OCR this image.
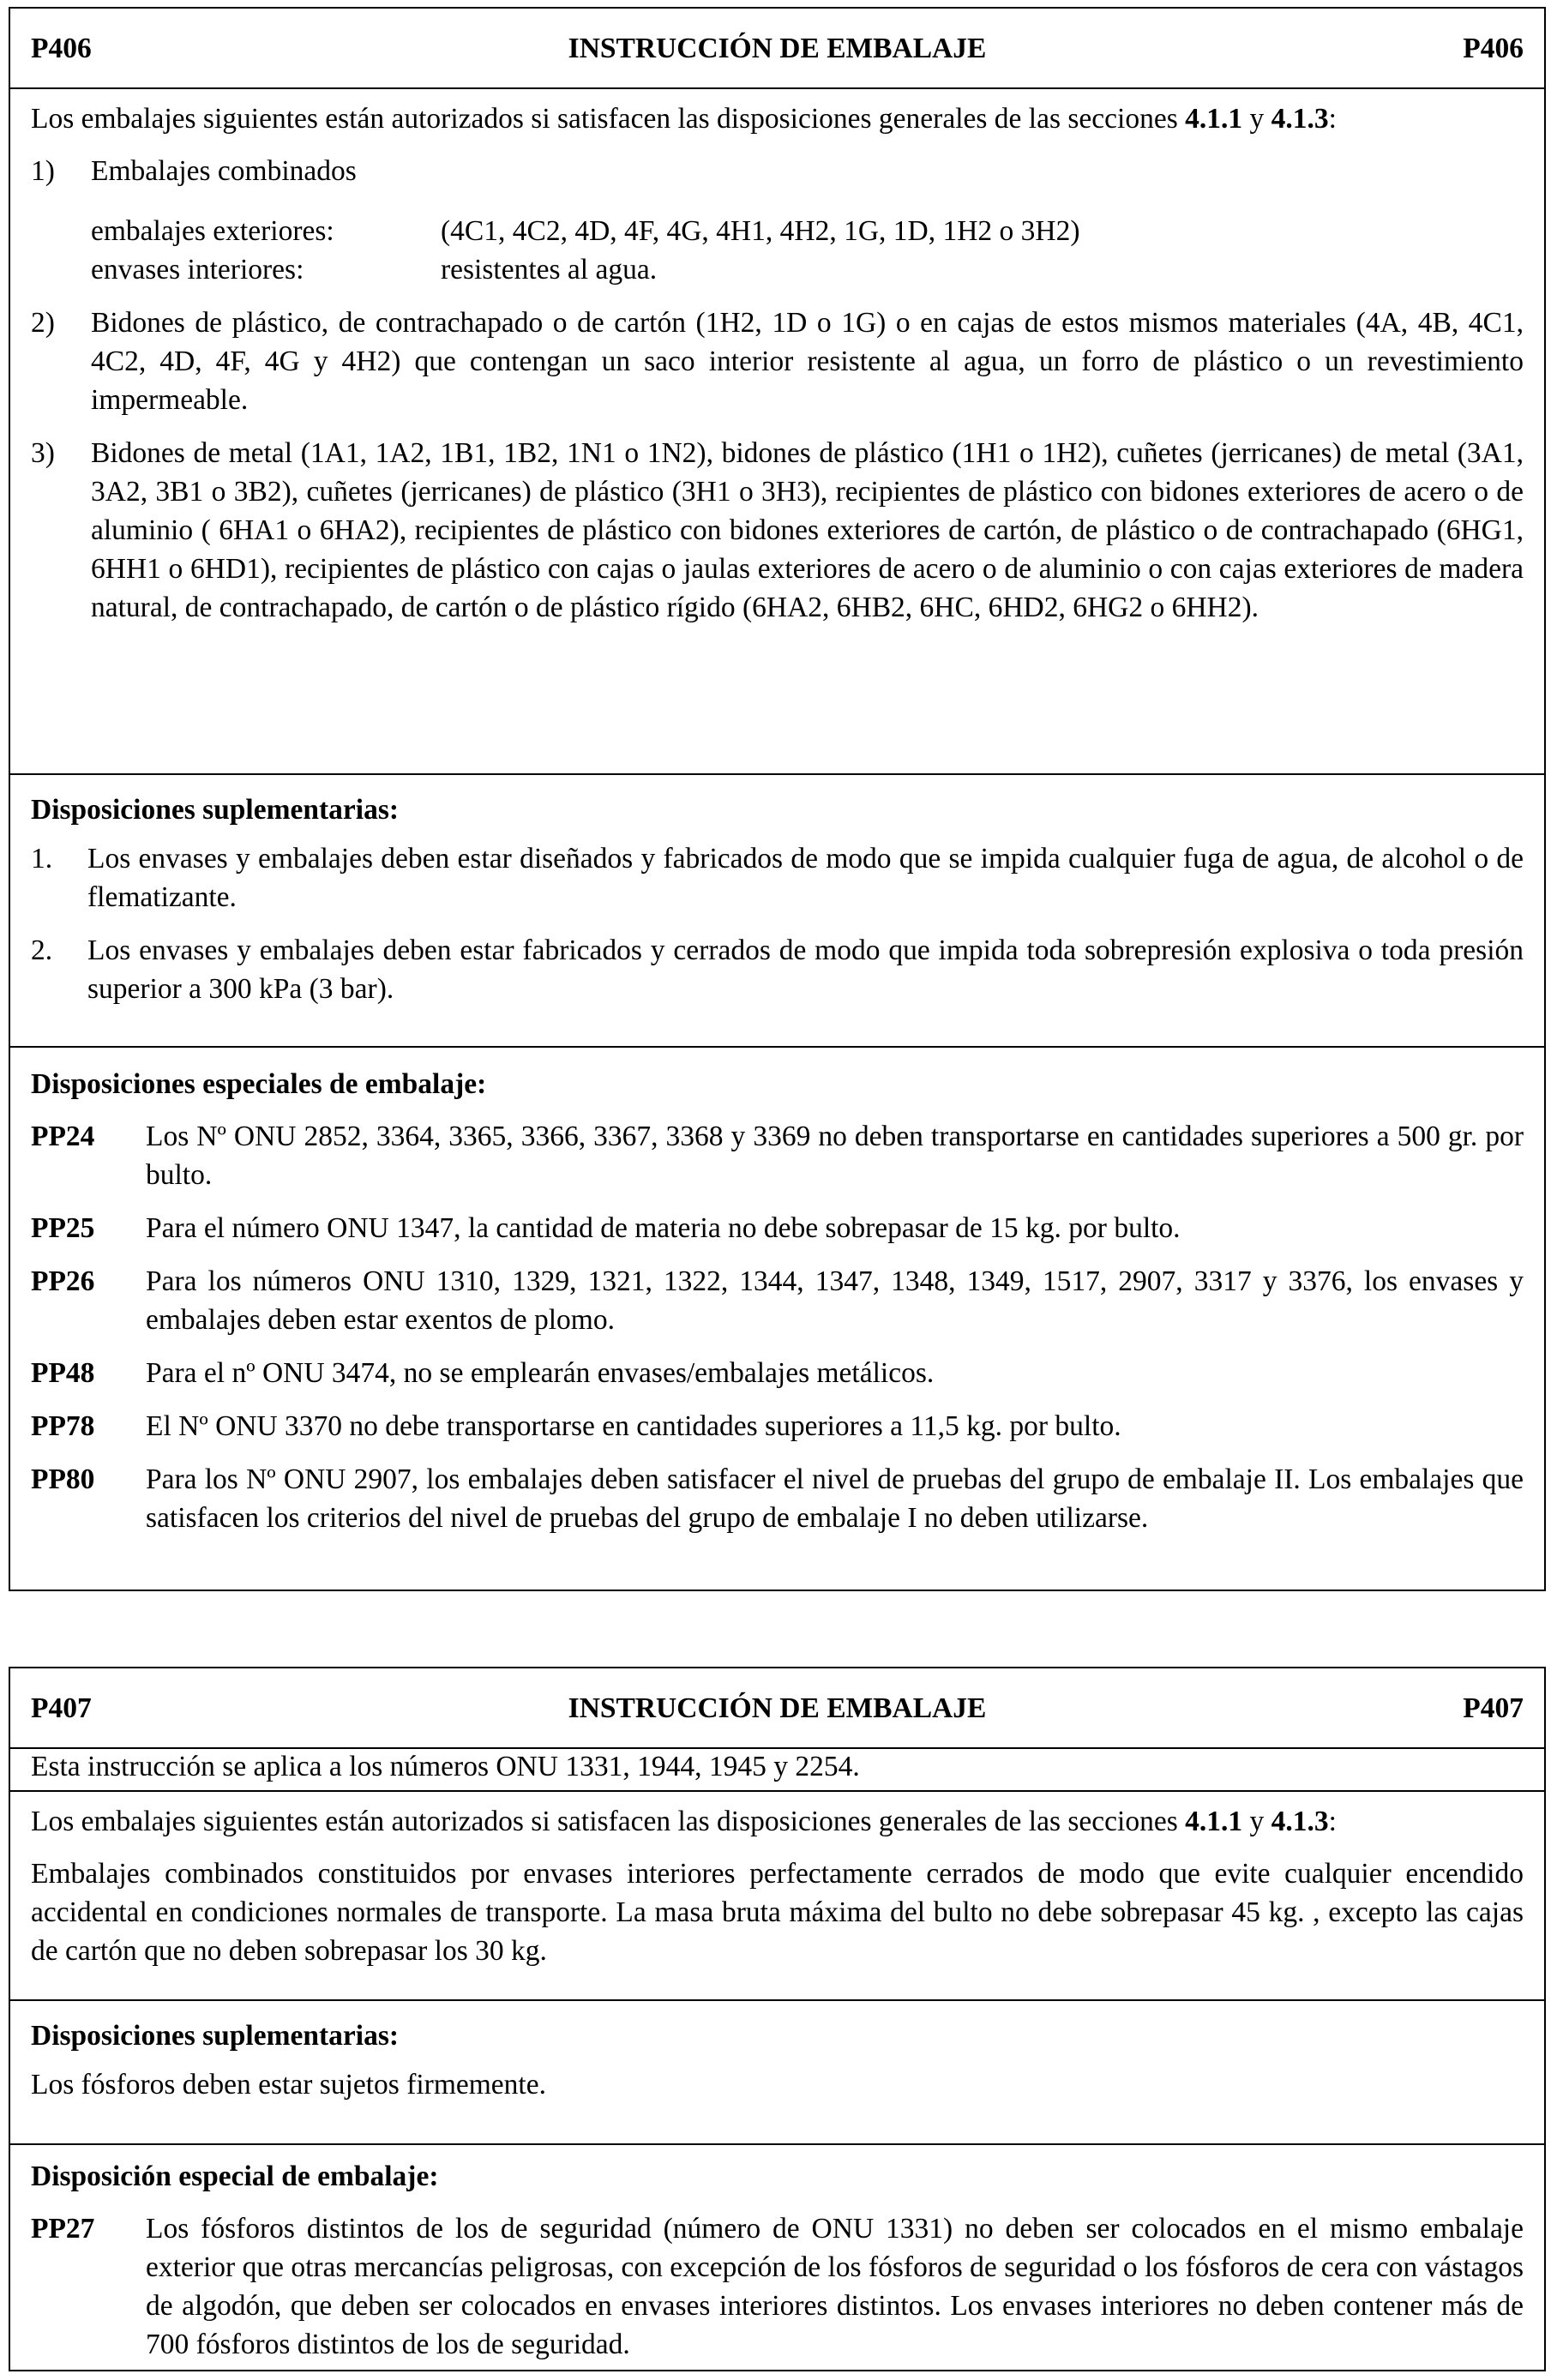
P406	INSTRUCCIÓN DE EMBALAJE	P406

Los embalajes siguientes están autorizados si satisfacen las disposiciones generales de las secciones 4.1.1 y 4.1.3:

1)	Embalajes combinados
embalajes exteriores:	(4C1, 4C2, 4D, 4F, 4G, 4H1, 4H2, 1G, 1D, 1H2 o 3H2)
envases interiores:	resistentes al agua.
2)	Bidones de plástico, de contrachapado o de cartón (1H2, 1D o 1G) o en cajas de estos mismos materiales (4A, 4B, 4C1, 4C2, 4D, 4F, 4G y 4H2) que contengan un saco interior resistente al agua, un forro de plástico o un revestimiento impermeable.
3)	Bidones de metal (1A1, 1A2, 1B1, 1B2, 1N1 o 1N2), bidones de plástico (1H1 o 1H2), cuñetes (jerricanes) de metal (3A1, 3A2, 3B1 o 3B2), cuñetes (jerricanes) de plástico (3H1 o 3H3), recipientes de plástico con bidones exteriores de acero o de aluminio ( 6HA1 o 6HA2), recipientes de plástico con bidones exteriores de cartón, de plástico o de contrachapado (6HG1, 6HH1 o 6HD1), recipientes de plástico con cajas o jaulas exteriores de acero o de aluminio o con cajas exteriores de madera natural, de contrachapado, de cartón o de plástico rígido (6HA2, 6HB2, 6HC, 6HD2, 6HG2 o 6HH2).

Disposiciones suplementarias:

1.	Los envases y embalajes deben estar diseñados y fabricados de modo que se impida cualquier fuga de agua, de alcohol o de flematizante.
2.	Los envases y embalajes deben estar fabricados y cerrados de modo que impida toda sobrepresión explosiva o toda presión superior a 300 kPa (3 bar).

Disposiciones especiales de embalaje:

PP24	Los Nº ONU 2852, 3364, 3365, 3366, 3367, 3368 y 3369 no deben transportarse en cantidades superiores a 500 gr. por bulto.
PP25	Para el número ONU 1347, la cantidad de materia no debe sobrepasar de 15 kg. por bulto.
PP26	Para los números ONU 1310, 1329, 1321, 1322, 1344, 1347, 1348, 1349, 1517, 2907, 3317 y 3376, los envases y embalajes deben estar exentos de plomo.
PP48	Para el nº ONU 3474, no se emplearán envases/embalajes metálicos.
PP78	El Nº ONU 3370 no debe transportarse en cantidades superiores a 11,5 kg. por bulto.
PP80	Para los Nº ONU 2907, los embalajes deben satisfacer el nivel de pruebas del grupo de embalaje II. Los embalajes que satisfacen los criterios del nivel de pruebas del grupo de embalaje I no deben utilizarse.
P407	INSTRUCCIÓN DE EMBALAJE	P407

Esta instrucción se aplica a los números ONU 1331, 1944, 1945 y 2254.

Los embalajes siguientes están autorizados si satisfacen las disposiciones generales de las secciones 4.1.1 y 4.1.3:

Embalajes combinados constituidos por envases interiores perfectamente cerrados de modo que evite cualquier encendido accidental en condiciones normales de transporte. La masa bruta máxima del bulto no debe sobrepasar 45 kg. , excepto las cajas de cartón que no deben sobrepasar los 30 kg.

Disposiciones suplementarias:

Los fósforos deben estar sujetos firmemente.

Disposición especial de embalaje:

PP27	Los fósforos distintos de los de seguridad (número de ONU 1331) no deben ser colocados en el mismo embalaje exterior que otras mercancías peligrosas, con excepción de los fósforos de seguridad o los fósforos de cera con vástagos de algodón, que deben ser colocados en envases interiores distintos. Los envases interiores no deben contener más de 700 fósforos distintos de los de seguridad.
